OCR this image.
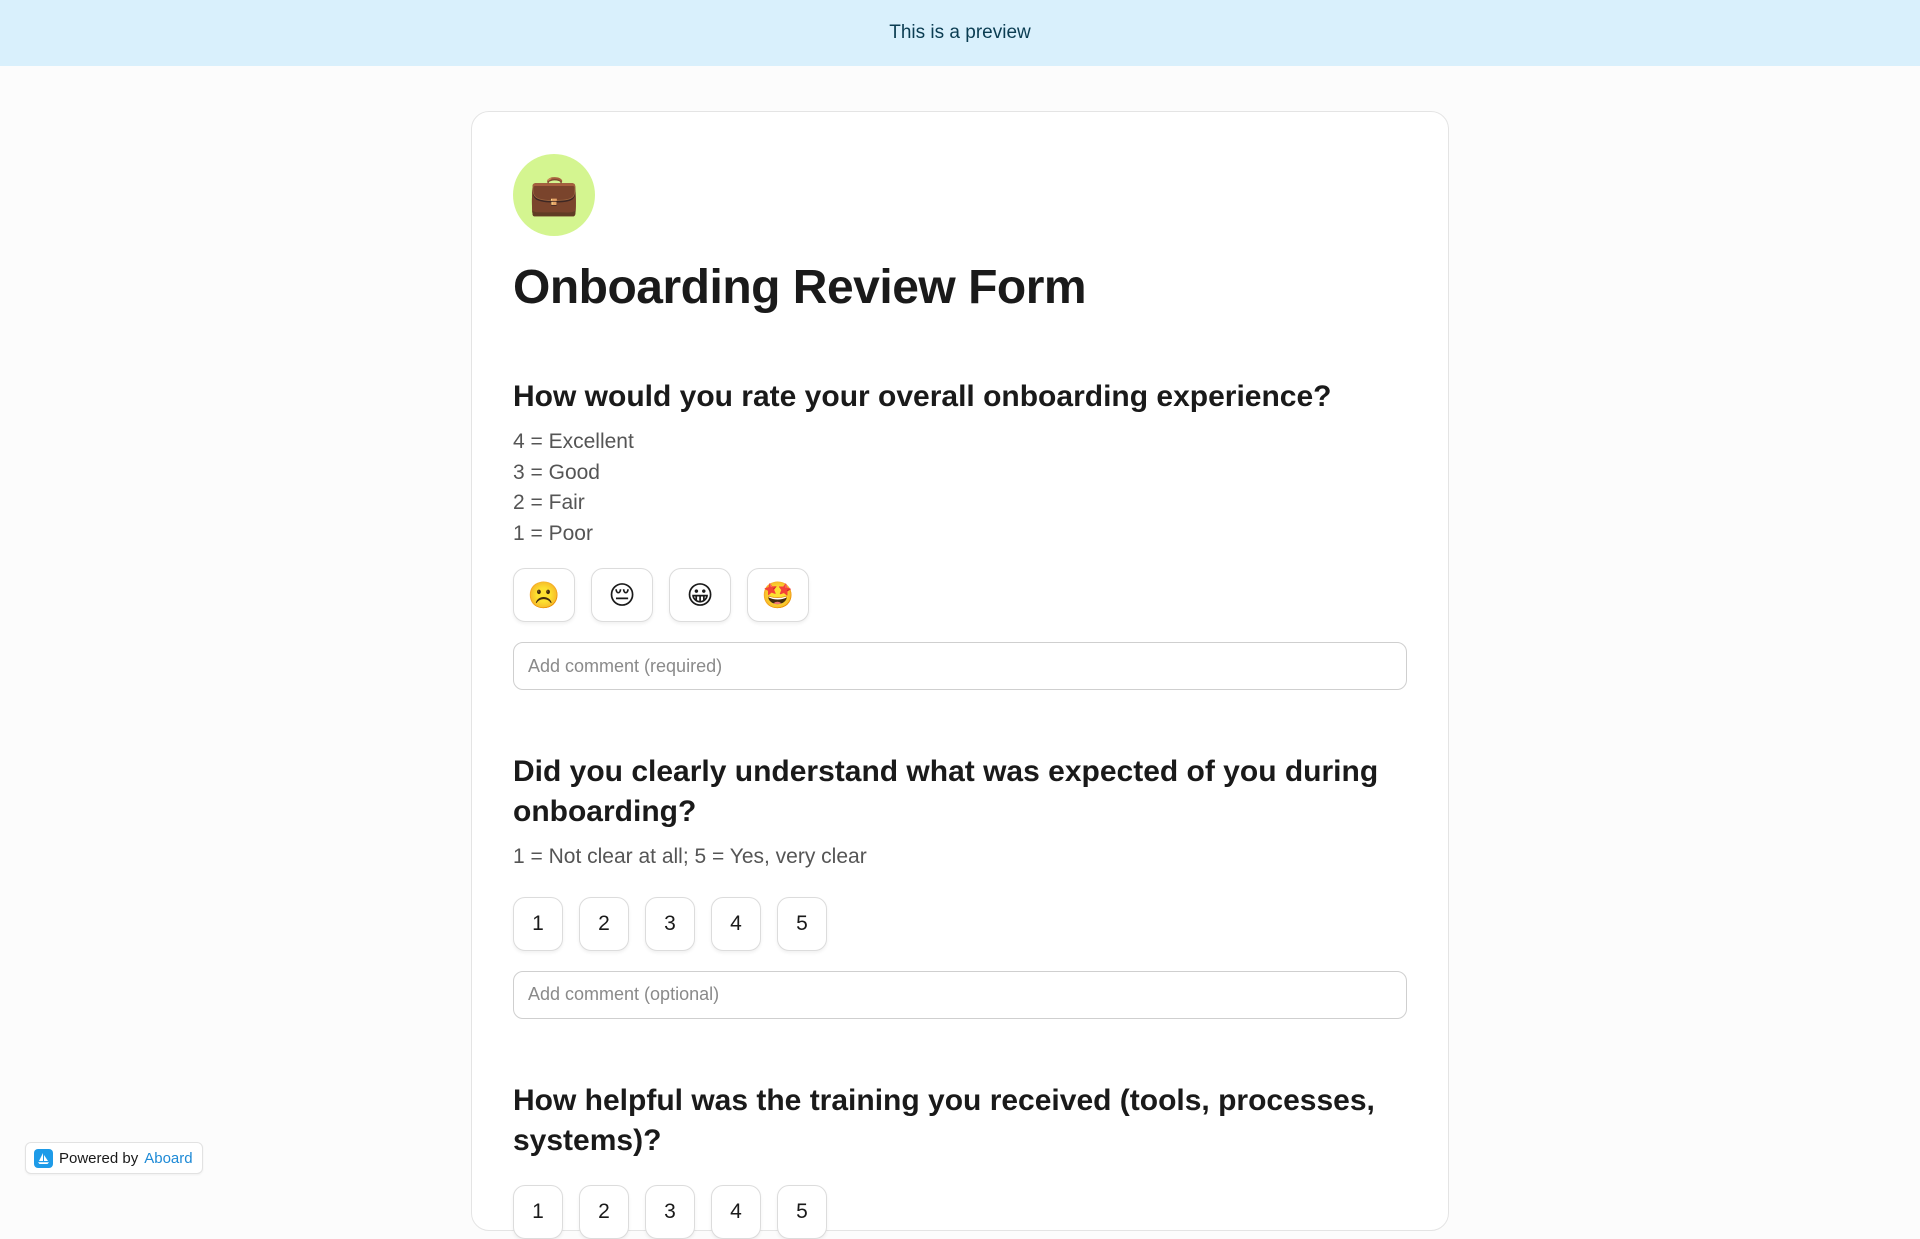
This is a preview
💼
Onboarding Review Form
How would you rate your overall onboarding experience?
4 = Excellent
3 = Good
2 = Fair
1 = Poor
☹️ 😔 😀 🤩
Add comment (required)
Did you clearly understand what was expected of you during onboarding?
1 = Not clear at all; 5 = Yes, very clear
1	2	3	4	5
Add comment (optional)
How helpful was the training you received (tools, processes, systems)?
1	2	3	4	5
Powered by Aboard
